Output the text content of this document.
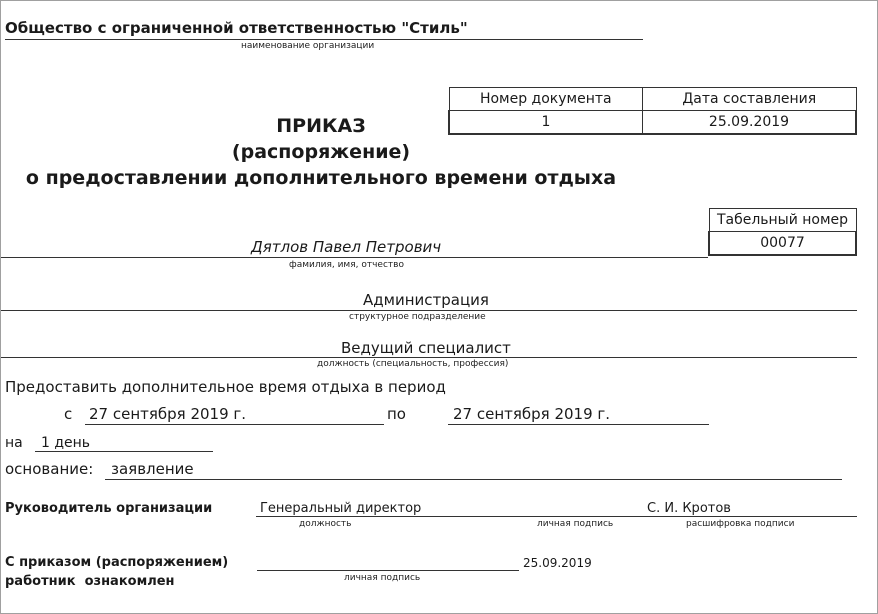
Общество с ограниченной ответственностью "Стиль"
наименование организации
Номер документа	Дата составления
1	25.09.2019
ПРИКАЗ
(распоряжение)
о предоставлении дополнительного времени отдыха
Табельный номер
00077
Дятлов Павел Петрович
фамилия, имя, отчество
Администрация
структурное подразделение
Ведущий специалист
должность (специальность, профессия)
Предоставить дополнительное время отдыха в период
с 27 сентября 2019 г.	по	27 сентября 2019 г.
на 1 день
основание: заявление
Руководитель организации	Генеральный директор	С. И. Кротов
должность	личная подпись	расшифровка подписи
С приказом (распоряжением)
работник  ознакомлен
25.09.2019
личная подпись
